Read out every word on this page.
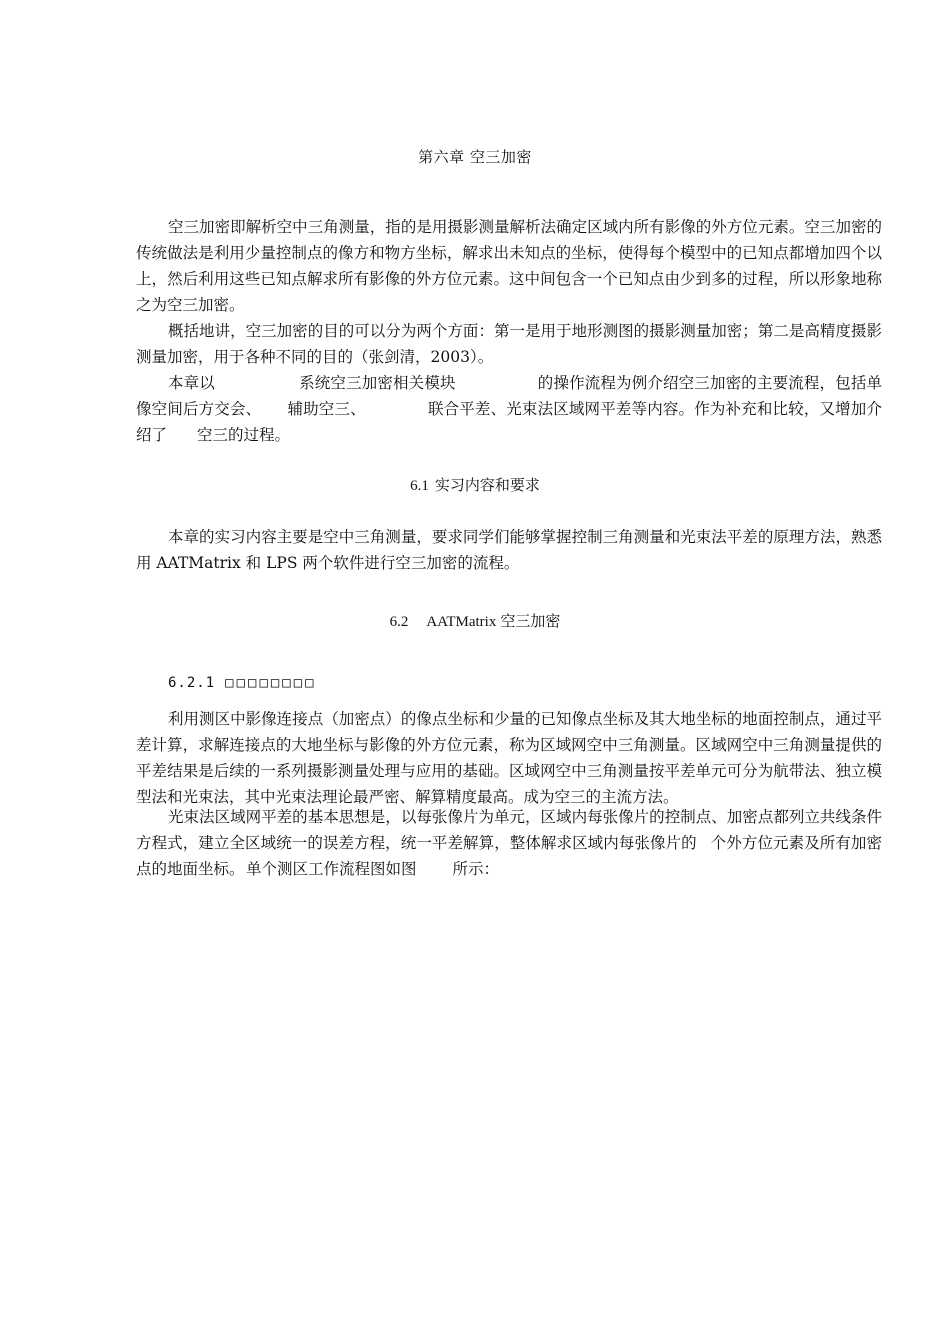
第六章 空三加密

空三加密即解析空中三角测量，指的是用摄影测量解析法确定区域内所有影像的外方位元素。空三加密的传统做法是利用少量控制点的像方和物方坐标，解求出未知点的坐标，使得每个模型中的已知点都增加四个以上，然后利用这些已知点解求所有影像的外方位元素。这中间包含一个已知点由少到多的过程，所以形象地称之为空三加密。

概括地讲，空三加密的目的可以分为两个方面：第一是用于地形测图的摄影测量加密；第二是高精度摄影测量加密，用于各种不同的目的（张剑清，2003）。

本章以	系统空三加密相关模块	的操作流程为例介绍空三加密的主要流程，包括单像空间后方交会、 辅助空三、	联合平差、光束法区域网平差等内容。作为补充和比较，又增加介绍了 空三的过程。

6.1 实习内容和要求

本章的实习内容主要是空中三角测量，要求同学们能够掌握控制三角测量和光束法平差的原理方法，熟悉用 AATMatrix 和 LPS 两个软件进行空三加密的流程。

6.2 AATMatrix 空三加密
6.2.1 □□□□□□□□

利用测区中影像连接点（加密点）的像点坐标和少量的已知像点坐标及其大地坐标的地面控制点，通过平差计算，求解连接点的大地坐标与影像的外方位元素，称为区域网空中三角测量。区域网空中三角测量提供的平差结果是后续的一系列摄影测量处理与应用的基础。区域网空中三角测量按平差单元可分为航带法、独立模型法和光束法，其中光束法理论最严密、解算精度最高。成为空三的主流方法。

光束法区域网平差的基本思想是，以每张像片为单元，区域内每张像片的控制点、加密点都列立共线条件方程式，建立全区域统一的误差方程，统一平差解算，整体解求区域内每张像片的 个外方位元素及所有加密点的地面坐标。 单个测区工作流程图如图 所示：
